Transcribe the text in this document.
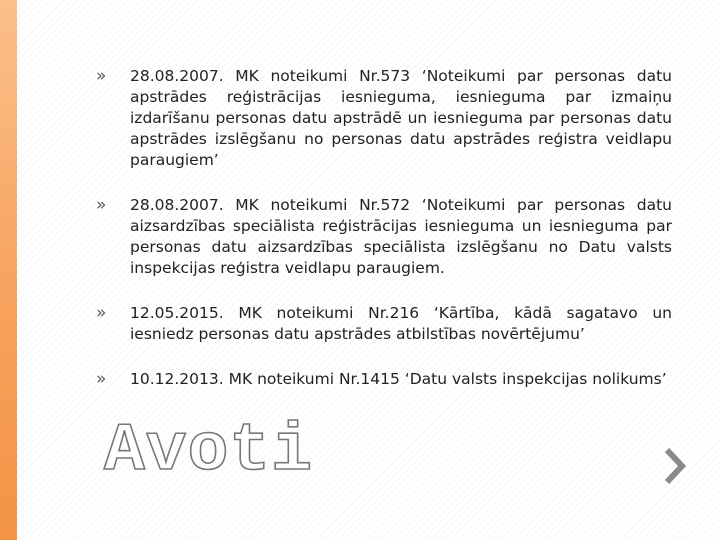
» 28.08.2007. MK noteikumi Nr.573 ‘Noteikumi par personas datu apstrādes reģistrācijas iesnieguma, iesnieguma par izmaiņu izdarīšanu personas datu apstrādē un iesnieguma par personas datu apstrādes izslēgšanu no personas datu apstrādes reģistra veidlapu paraugiem’
» 28.08.2007. MK noteikumi Nr.572 ‘Noteikumi par personas datu aizsardzības speciālista reģistrācijas iesnieguma un iesnieguma par personas datu aizsardzības speciālista izslēgšanu no Datu valsts inspekcijas reģistra veidlapu paraugiem.
» 12.05.2015. MK noteikumi Nr.216 ‘Kārtība, kādā sagatavo un iesniedz personas datu apstrādes atbilstības novērtējumu’
» 10.12.2013. MK noteikumi Nr.1415 ‘Datu valsts inspekcijas nolikums’
Avoti
